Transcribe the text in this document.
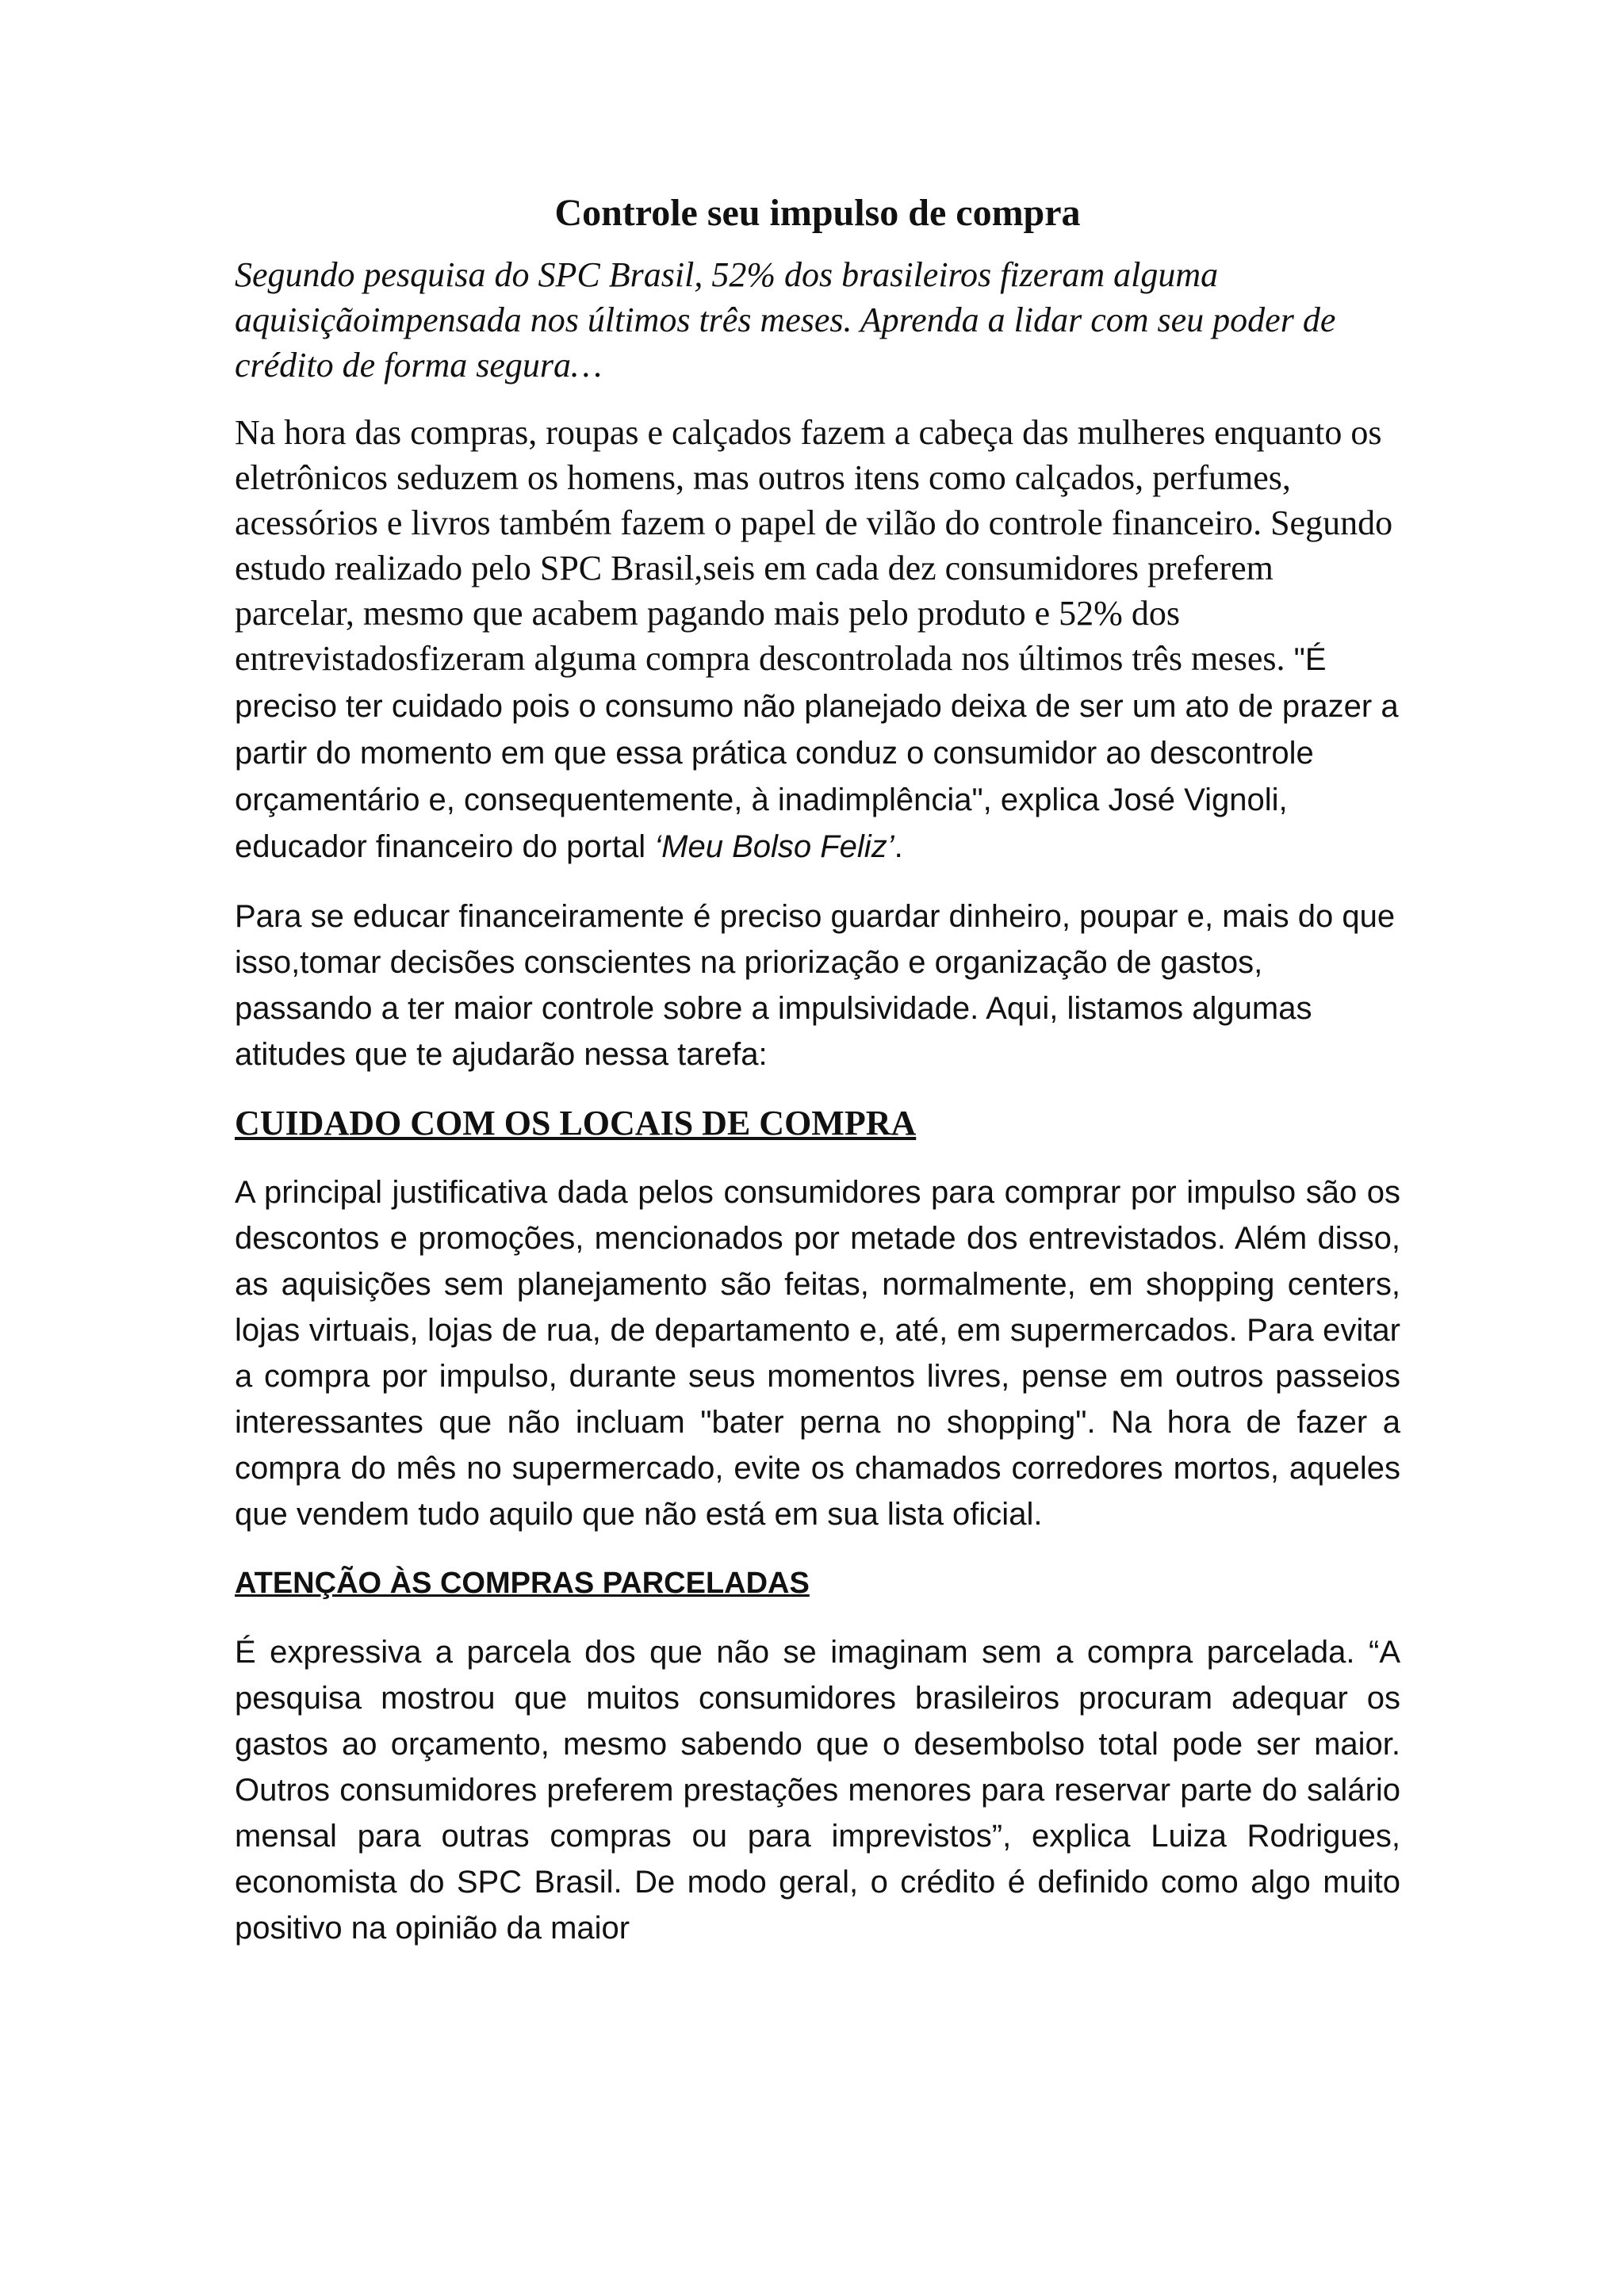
Controle seu impulso de compra

Segundo pesquisa do SPC Brasil, 52% dos brasileiros fizeram alguma aquisiçãoimpensada nos últimos três meses. Aprenda a lidar com seu poder de crédito de forma segura…

Na hora das compras, roupas e calçados fazem a cabeça das mulheres enquanto os eletrônicos seduzem os homens, mas outros itens como calçados, perfumes, acessórios e livros também fazem o papel de vilão do controle financeiro. Segundo estudo realizado pelo SPC Brasil,seis em cada dez consumidores preferem parcelar, mesmo que acabem pagando mais pelo produto e 52% dos entrevistadosfizeram alguma compra descontrolada nos últimos três meses. "É preciso ter cuidado pois o consumo não planejado deixa de ser um ato de prazer a partir do momento em que essa prática conduz o consumidor ao descontrole orçamentário e, consequentemente, à inadimplência", explica José Vignoli, educador financeiro do portal ‘Meu Bolso Feliz’.

Para se educar financeiramente é preciso guardar dinheiro, poupar e, mais do que isso,tomar decisões conscientes na priorização e organização de gastos, passando a ter maior controle sobre a impulsividade. Aqui, listamos algumas atitudes que te ajudarão nessa tarefa:

CUIDADO COM OS LOCAIS DE COMPRA

A principal justificativa dada pelos consumidores para comprar por impulso são os descontos e promoções, mencionados por metade dos entrevistados. Além disso, as aquisições sem planejamento são feitas, normalmente, em shopping centers, lojas virtuais, lojas de rua, de departamento e, até, em supermercados. Para evitar a compra por impulso, durante seus momentos livres, pense em outros passeios interessantes que não incluam "bater perna no shopping". Na hora de fazer a compra do mês no supermercado, evite os chamados corredores mortos, aqueles que vendem tudo aquilo que não está em sua lista oficial.

ATENÇÃO ÀS COMPRAS PARCELADAS

É expressiva a parcela dos que não se imaginam sem a compra parcelada. “A pesquisa mostrou que muitos consumidores brasileiros procuram adequar os gastos ao orçamento, mesmo sabendo que o desembolso total pode ser maior. Outros consumidores preferem prestações menores para reservar parte do salário mensal para outras compras ou para imprevistos”, explica Luiza Rodrigues, economista do SPC Brasil. De modo geral, o crédito é definido como algo muito positivo na opinião da maior
